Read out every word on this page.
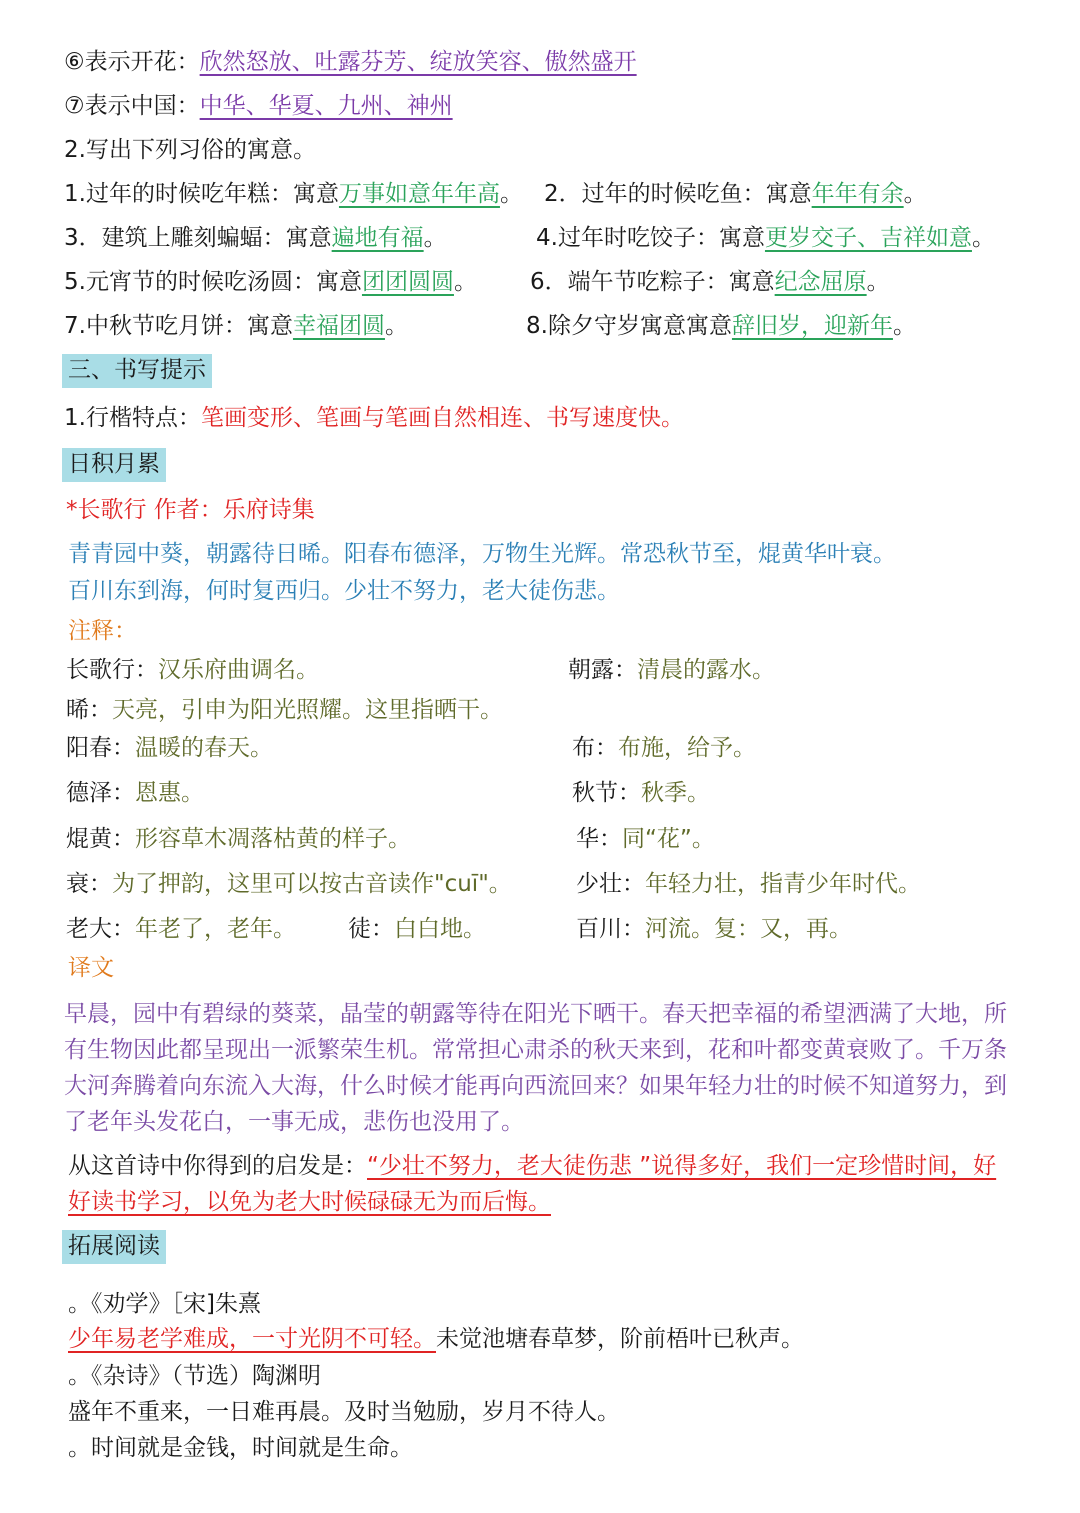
⑥表示开花：欣然怒放、吐露芬芳、绽放笑容、傲然盛开
⑦表示中国：中华、华夏、九州、神州
2.写出下列习俗的寓意。
1.过年的时候吃年糕：寓意万事如意年年高。 2．过年的时候吃鱼：寓意年年有余。
3．建筑上雕刻蝙蝠：寓意遍地有福。	4.过年时吃饺子：寓意更岁交子、吉祥如意。
5.元宵节的时候吃汤圆：寓意团团圆圆。 6．端午节吃粽子：寓意纪念屈原。
7.中秋节吃月饼：寓意幸福团圆。	8.除夕守岁寓意寓意辞旧岁，迎新年。
三、书写提示
1.行楷特点：笔画变形、笔画与笔画自然相连、书写速度快。
日积月累
*长歌行 作者：乐府诗集
青青园中葵，朝露待日晞。阳春布德泽，万物生光辉。常恐秋节至，焜黄华叶衰。
百川东到海，何时复西归。少壮不努力，老大徒伤悲。
注释：
长歌行：汉乐府曲调名。	朝露：清晨的露水。
晞：天亮，引申为阳光照耀。这里指晒干。
阳春：温暖的春天。	布：布施，给予。
德泽：恩惠。	秋节：秋季。
焜黄：形容草木凋落枯黄的样子。	华：同“花”。
衰：为了押韵，这里可以按古音读作"cuī"。	少壮：年轻力壮，指青少年时代。
老大：年老了，老年。 徒：白白地。	百川：河流。复：又，再。
译文
早晨，园中有碧绿的葵菜，晶莹的朝露等待在阳光下晒干。春天把幸福的希望洒满了大地，所有生物因此都呈现出一派繁荣生机。常常担心肃杀的秋天来到，花和叶都变黄衰败了。千万条大河奔腾着向东流入大海，什么时候才能再向西流回来？如果年轻力壮的时候不知道努力，到了老年头发花白，一事无成，悲伤也没用了。
从这首诗中你得到的启发是：“少壮不努力，老大徒伤悲 ”说得多好，我们一定珍惜时间，好好读书学习，以免为老大时候碌碌无为而后悔。
拓展阅读
。《劝学》［宋]朱熹
少年易老学难成，一寸光阴不可轻。未觉池塘春草梦，阶前梧叶已秋声。
。《杂诗》（节选）陶渊明
盛年不重来，一日难再晨。及时当勉励，岁月不待人。
。时间就是金钱，时间就是生命。
